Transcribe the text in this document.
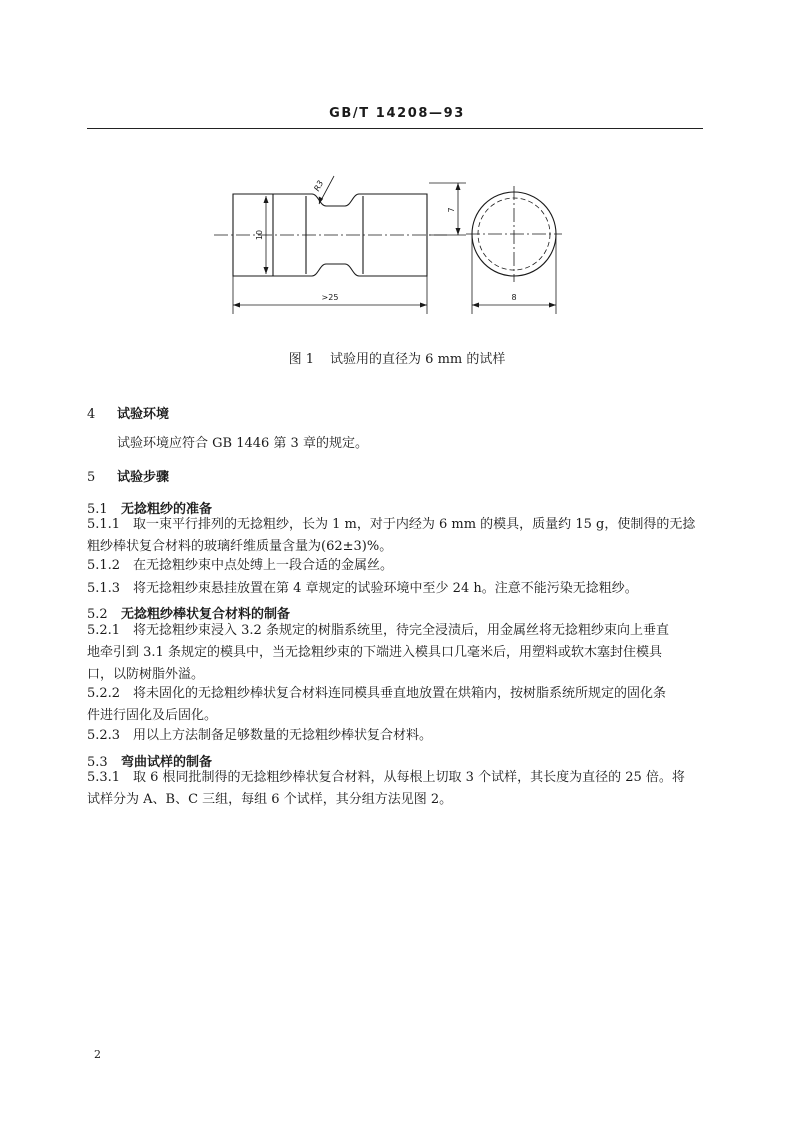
GB/T 14208—93
>25	8
10
7
R3
图 1 试验用的直径为 6 mm 的试样
4 试验环境
试验环境应符合 GB 1446 第 3 章的规定。
5 试验步骤
5.1 无捻粗纱的准备
5.1.1 取一束平行排列的无捻粗纱，长为 1 m，对于内经为 6 mm 的模具，质量约 15 g，使制得的无捻
粗纱棒状复合材料的玻璃纤维质量含量为(62±3)%。
5.1.2 在无捻粗纱束中点处缚上一段合适的金属丝。
5.1.3 将无捻粗纱束悬挂放置在第 4 章规定的试验环境中至少 24 h。注意不能污染无捻粗纱。
5.2 无捻粗纱棒状复合材料的制备
5.2.1 将无捻粗纱束浸入 3.2 条规定的树脂系统里，待完全浸渍后，用金属丝将无捻粗纱束向上垂直
地牵引到 3.1 条规定的模具中，当无捻粗纱束的下端进入模具口几毫米后，用塑料或软木塞封住模具
口，以防树脂外溢。
5.2.2 将未固化的无捻粗纱棒状复合材料连同模具垂直地放置在烘箱内，按树脂系统所规定的固化条
件进行固化及后固化。
5.2.3 用以上方法制备足够数量的无捻粗纱棒状复合材料。
5.3 弯曲试样的制备
5.3.1 取 6 根同批制得的无捻粗纱棒状复合材料，从每根上切取 3 个试样，其长度为直径的 25 倍。将
试样分为 A、B、C 三组，每组 6 个试样，其分组方法见图 2。
2
